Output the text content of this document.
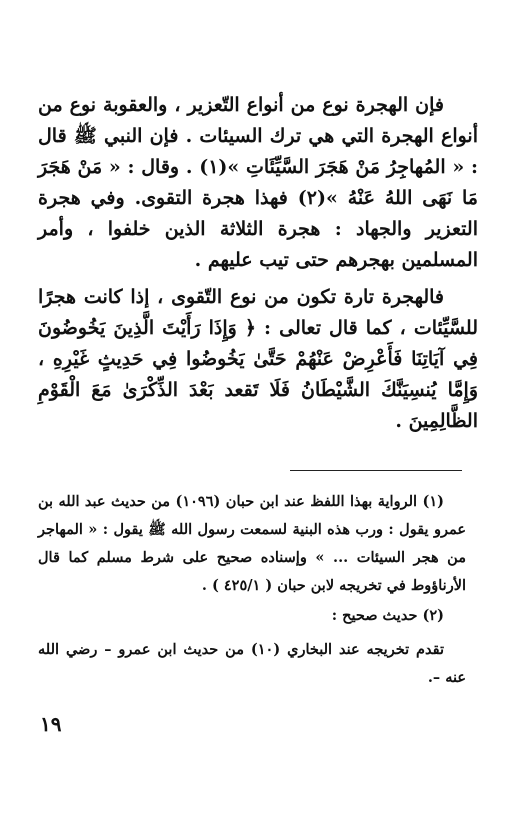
فإن الهجرة نوع من أنواع التّعزير ، والعقوبة نوع من أنواع الهجرة التي هي ترك السيئات . فإن النبي ﷺ قال : « المُهاجِرُ مَنْ هَجَرَ السَّيِّئَاتِ »(١) . وقال : « مَنْ هَجَرَ مَا نَهَى اللهُ عَنْهُ »(٢) فهذا هجرة التقوى. وفي هجرة التعزير والجهاد : هجرة الثلاثة الذين خلفوا ، وأمر المسلمين بهجرهم حتى تيب عليهم .

فالهجرة تارة تكون من نوع التّقوى ، إذا كانت هجرًا للسَّيِّئات ، كما قال تعالى : ﴿ وَإِذَا رَأَيْتَ الَّذِينَ يَخُوضُونَ فِي آيَاتِنَا فَأَعْرِضْ عَنْهُمْ حَتَّىٰ يَخُوضُوا فِي حَدِيثٍ غَيْرِهِ ، وَإِمَّا يُنسِيَنَّكَ الشَّيْطَانُ فَلَا تَقعد بَعْدَ الذِّكْرَىٰ مَعَ الْقَوْمِ الظَّالِمِينَ .

(١) الرواية بهذا اللفظ عند ابن حبان (١٠٩٦) من حديث عبد الله بن عمرو يقول : ورب هذه البنية لسمعت رسول الله ﷺ يقول : « المهاجر من هجر السيئات ... » وإسناده صحيح على شرط مسلم كما قال الأرناؤوط في تخريجه لابن حبان ( ٤٢٥/١ ) .

(٢) حديث صحيح :

تقدم تخريجه عند البخاري (١٠) من حديث ابن عمرو – رضي الله عنه –.

١٩
